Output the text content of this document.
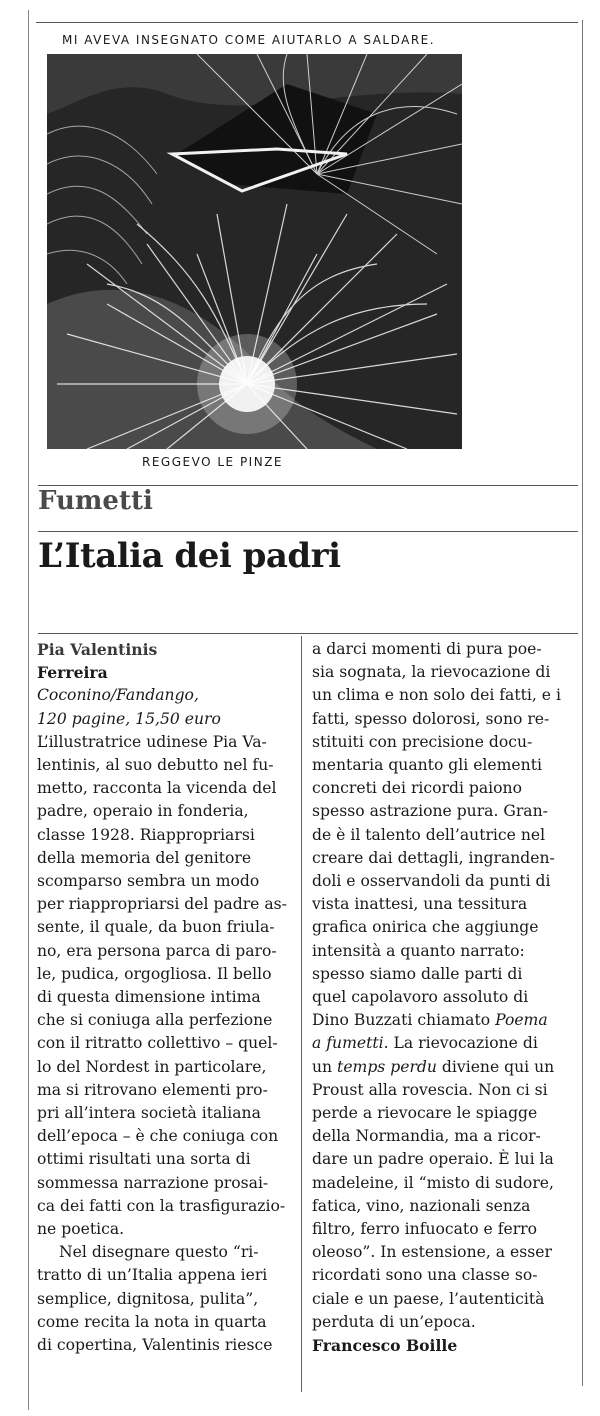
MI AVEVA INSEGNATO COME AIUTARLO A SALDARE.
REGGEVO LE PINZE
Fumetti
L’Italia dei padri

Pia Valentinis

Ferreira

Coconino/Fandango,

120 pagine, 15,50 euro

L’illustratrice udinese Pia Va-

lentinis, al suo debutto nel fu-

metto, racconta la vicenda del

padre, operaio in fonderia,

classe 1928. Riappropriarsi

della memoria del genitore

scomparso sembra un modo

per riappropriarsi del padre as-

sente, il quale, da buon friula-

no, era persona parca di paro-

le, pudica, orgogliosa. Il bello

di questa dimensione intima

che si coniuga alla perfezione

con il ritratto collettivo – quel-

lo del Nordest in particolare,

ma si ritrovano elementi pro-

pri all’intera società italiana

dell’epoca – è che coniuga con

ottimi risultati una sorta di

sommessa narrazione prosai-

ca dei fatti con la trasfigurazio-

ne poetica.

Nel disegnare questo “ri-

tratto di un’Italia appena ieri

semplice, dignitosa, pulita”,

come recita la nota in quarta

di copertina, Valentinis riesce

a darci momenti di pura poe-

sia sognata, la rievocazione di

un clima e non solo dei fatti, e i

fatti, spesso dolorosi, sono re-

stituiti con precisione docu-

mentaria quanto gli elementi

concreti dei ricordi paiono

spesso astrazione pura. Gran-

de è il talento dell’autrice nel

creare dai dettagli, ingranden-

doli e osservandoli da punti di

vista inattesi, una tessitura

grafica onirica che aggiunge

intensità a quanto narrato:

spesso siamo dalle parti di

quel capolavoro assoluto di

Dino Buzzati chiamato Poema

a fumetti. La rievocazione di

un temps perdu diviene qui un

Proust alla rovescia. Non ci si

perde a rievocare le spiagge

della Normandia, ma a ricor-

dare un padre operaio. È lui la

madeleine, il “misto di sudore,

fatica, vino, nazionali senza

filtro, ferro infuocato e ferro

oleoso”. In estensione, a esser

ricordati sono una classe so-

ciale e un paese, l’autenticità

perduta di un’epoca.

Francesco Boille
